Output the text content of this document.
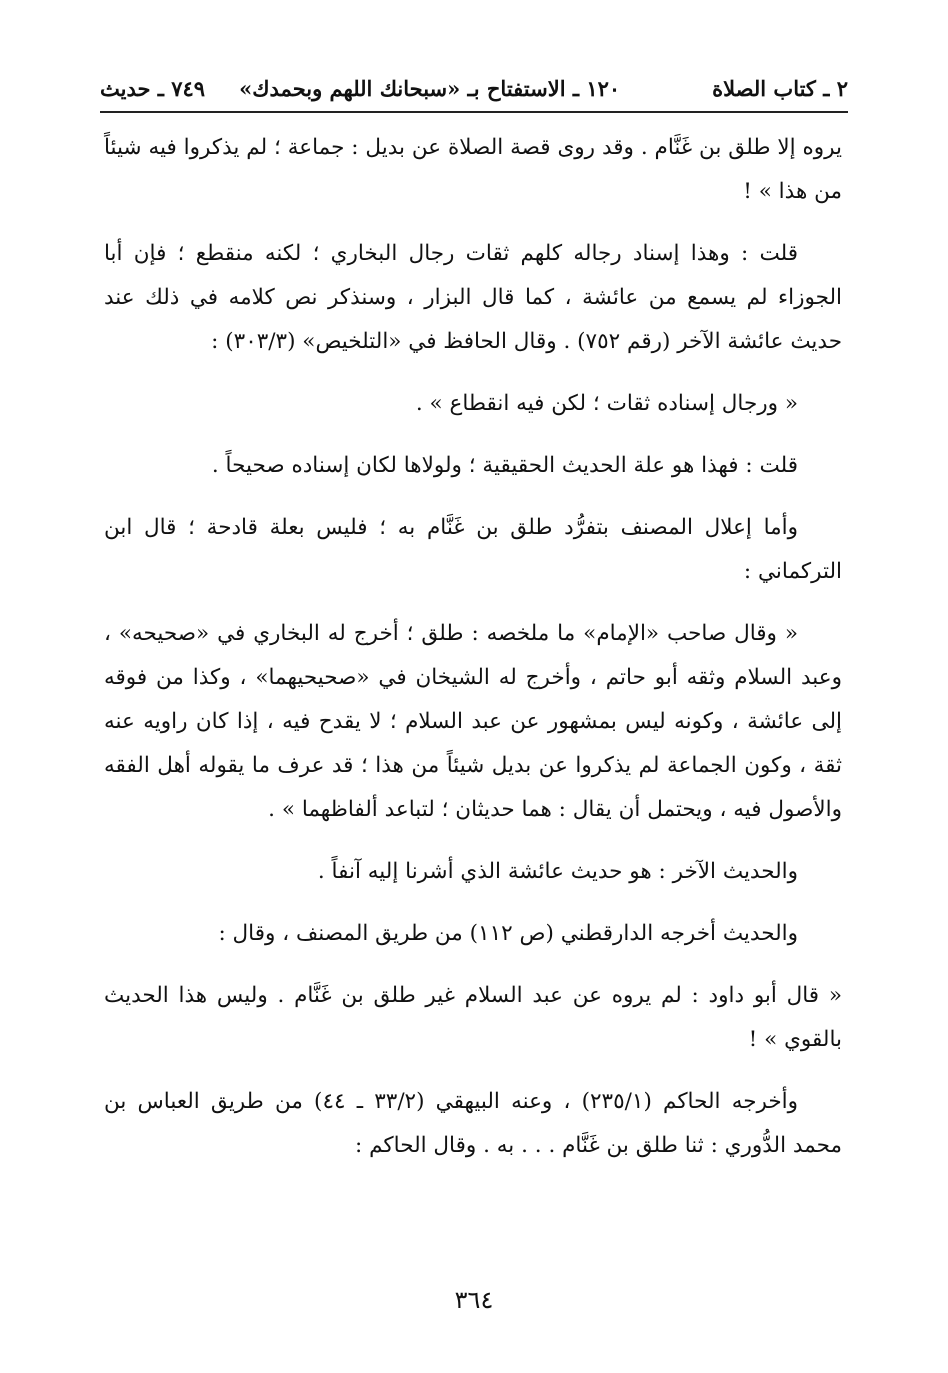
٢ ـ كتاب الصلاة
١٢٠ ـ الاستفتاح بـ «سبحانك اللهم وبحمدك»
٧٤٩ ـ حديث

يروه إلا طلق بن غَنَّام . وقد روى قصة الصلاة عن بديل : جماعة ؛ لم يذكروا فيه شيئاً من هذا » !

قلت : وهذا إسناد رجاله كلهم ثقات رجال البخاري ؛ لكنه منقطع ؛ فإن أبا الجوزاء لم يسمع من عائشة ، كما قال البزار ، وسنذكر نص كلامه في ذلك عند حديث عائشة الآخر (رقم ٧٥٢) . وقال الحافظ في «التلخيص» (٣٠٣/٣) :

« ورجال إسناده ثقات ؛ لكن فيه انقطاع » .

قلت : فهذا هو علة الحديث الحقيقية ؛ ولولاها لكان إسناده صحيحاً .

وأما إعلال المصنف بتفرُّد طلق بن غَنَّام به ؛ فليس بعلة قادحة ؛ قال ابن التركماني :

« وقال صاحب «الإمام» ما ملخصه : طلق ؛ أخرج له البخاري في «صحيحه» ، وعبد السلام وثقه أبو حاتم ، وأخرج له الشيخان في «صحيحيهما» ، وكذا من فوقه إلى عائشة ، وكونه ليس بمشهور عن عبد السلام ؛ لا يقدح فيه ، إذا كان راويه عنه ثقة ، وكون الجماعة لم يذكروا عن بديل شيئاً من هذا ؛ قد عرف ما يقوله أهل الفقه والأصول فيه ، ويحتمل أن يقال : هما حديثان ؛ لتباعد ألفاظهما » .

والحديث الآخر : هو حديث عائشة الذي أشرنا إليه آنفاً .

والحديث أخرجه الدارقطني (ص ١١٢) من طريق المصنف ، وقال :

« قال أبو داود : لم يروه عن عبد السلام غير طلق بن غَنَّام . وليس هذا الحديث بالقوي » !

وأخرجه الحاكم (٢٣٥/١) ، وعنه البيهقي (٣٣/٢ ـ ٤٤) من طريق العباس بن محمد الدُّوري : ثنا طلق بن غَنَّام . . . به . وقال الحاكم :

٣٦٤
